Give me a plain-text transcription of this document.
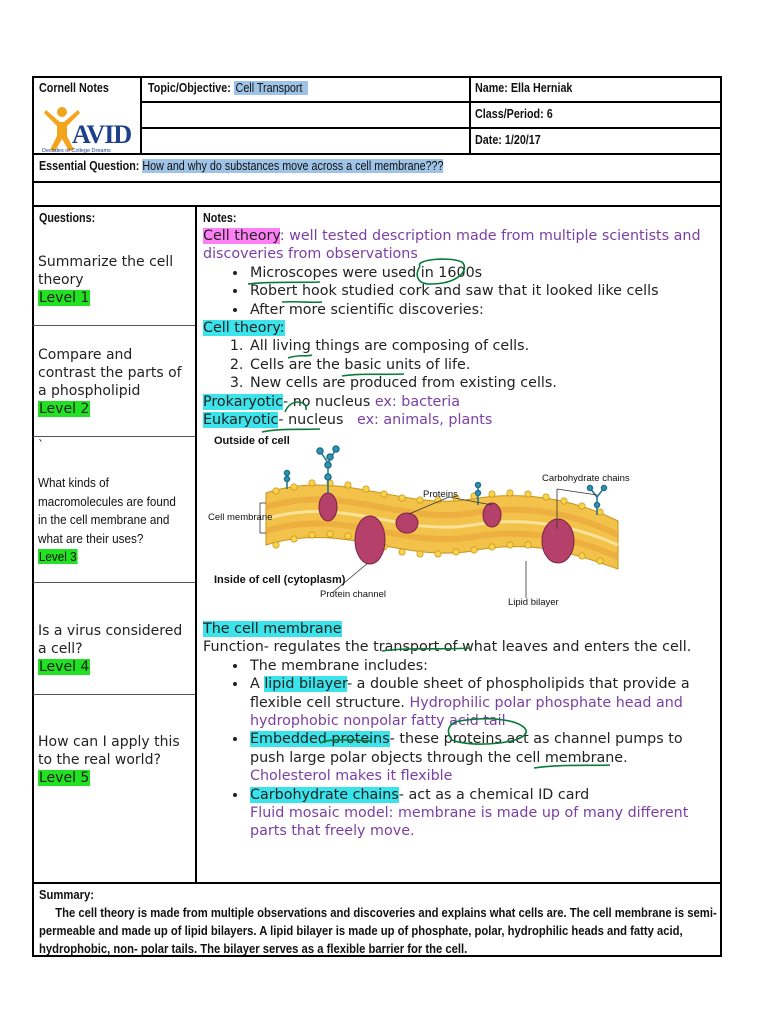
Cornell Notes
AVID
Decades of College Dreams
Topic/Objective: Cell Transport	Name: Ella Herniak
Class/Period: 6
Date: 1/20/17
Essential Question: How and why do substances move across a cell membrane???
Questions:
Summarize the cell theory
Level 1
Compare and contrast the parts of a phospholipid
Level 2
`
What kinds of macromolecules are found in the cell membrane and what are their uses?
Level 3
Is a virus considered a cell?
Level 4
How can I apply this to the real world?
Level 5
Notes:
Cell theory: well tested description made from multiple scientists and discoveries from observations
• Microscopes were used in 1600s
• Robert hook studied cork and saw that it looked like cells
• After more scientific discoveries:
Cell theory:
1. All living things are composing of cells.
2. Cells are the basic units of life.
3. New cells are produced from existing cells.
Prokaryotic- no nucleus ex: bacteria
Eukaryotic- nucleus ex: animals, plants
Outside of cell
Carbohydrate chains
Proteins
Cell membrane
Inside of cell (cytoplasm)
Protein channel
Lipid bilayer
The cell membrane
Function- regulates the transport of what leaves and enters the cell.
• The membrane includes:
• A lipid bilayer- a double sheet of phospholipids that provide a flexible cell structure. Hydrophilic polar phosphate head and hydrophobic nonpolar fatty acid tail
• Embedded proteins- these proteins act as channel pumps to push large polar objects through the cell membrane.
Cholesterol makes it flexible
• Carbohydrate chains- act as a chemical ID card
Fluid mosaic model: membrane is made up of many different parts that freely move.
Summary:
The cell theory is made from multiple observations and discoveries and explains what cells are. The cell membrane is semi-permeable and made up of lipid bilayers. A lipid bilayer is made up of phosphate, polar, hydrophilic heads and fatty acid, hydrophobic, non- polar tails. The bilayer serves as a flexible barrier for the cell.
